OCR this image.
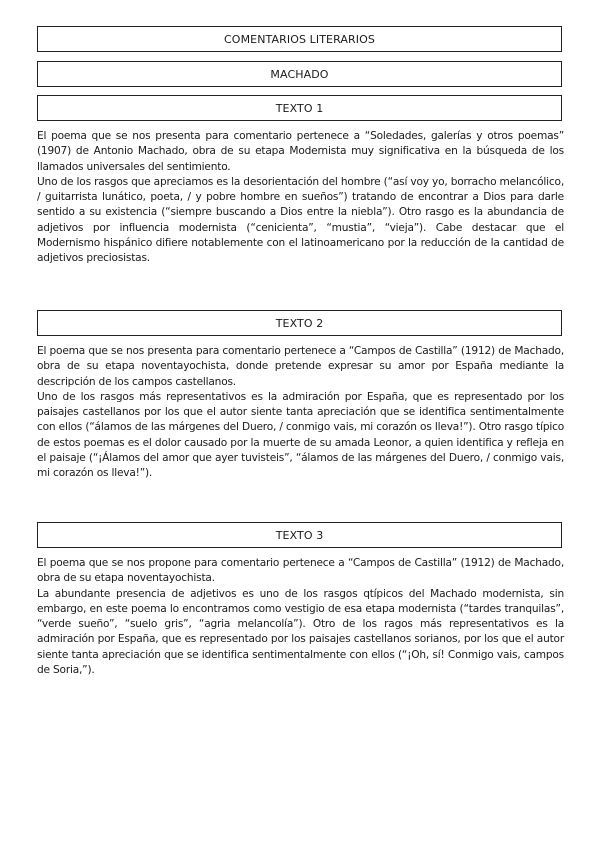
COMENTARIOS LITERARIOS
MACHADO
TEXTO 1

El poema que se nos presenta para comentario pertenece a “Soledades, galerías y otros poemas” (1907) de Antonio Machado, obra de su etapa Modernista muy significativa en la búsqueda de los llamados universales del sentimiento.

Uno de los rasgos que apreciamos es la desorientación del hombre (“así voy yo, borracho melancólico, / guitarrista lunático, poeta, / y pobre hombre en sueños”) tratando de encontrar a Dios para darle sentido a su existencia (“siempre buscando a Dios entre la niebla”). Otro rasgo es la abundancia de adjetivos por influencia modernista (“cenicienta”, “mustia”, “vieja”). Cabe destacar que el Modernismo hispánico difiere notablemente con el latinoamericano por la reducción de la cantidad de adjetivos preciosistas.

TEXTO 2

El poema que se nos presenta para comentario pertenece a “Campos de Castilla” (1912) de Machado, obra de su etapa noventayochista, donde pretende expresar su amor por España mediante la descripción de los campos castellanos.

Uno de los rasgos más representativos es la admiración por España, que es representado por los paisajes castellanos por los que el autor siente tanta apreciación que se identifica sentimentalmente con ellos (“álamos de las márgenes del Duero, / conmigo vais, mi corazón os lleva!”). Otro rasgo típico de estos poemas es el dolor causado por la muerte de su amada Leonor, a quien identifica y refleja en el paisaje (“¡Álamos del amor que ayer tuvisteis”, “álamos de las márgenes del Duero, / conmigo vais, mi corazón os lleva!”).

TEXTO 3

El poema que se nos propone para comentario pertenece a “Campos de Castilla” (1912) de Machado, obra de su etapa noventayochista.

La abundante presencia de adjetivos es uno de los rasgos qtípicos del Machado modernista, sin embargo, en este poema lo encontramos como vestigio de esa etapa modernista (“tardes tranquilas”, “verde sueño”, “suelo gris”, “agria melancolía”). Otro de los ragos más representativos es la admiración por España, que es representado por los paisajes castellanos sorianos, por los que el autor siente tanta apreciación que se identifica sentimentalmente con ellos (“¡Oh, sí! Conmigo vais, campos de Soria,”).
